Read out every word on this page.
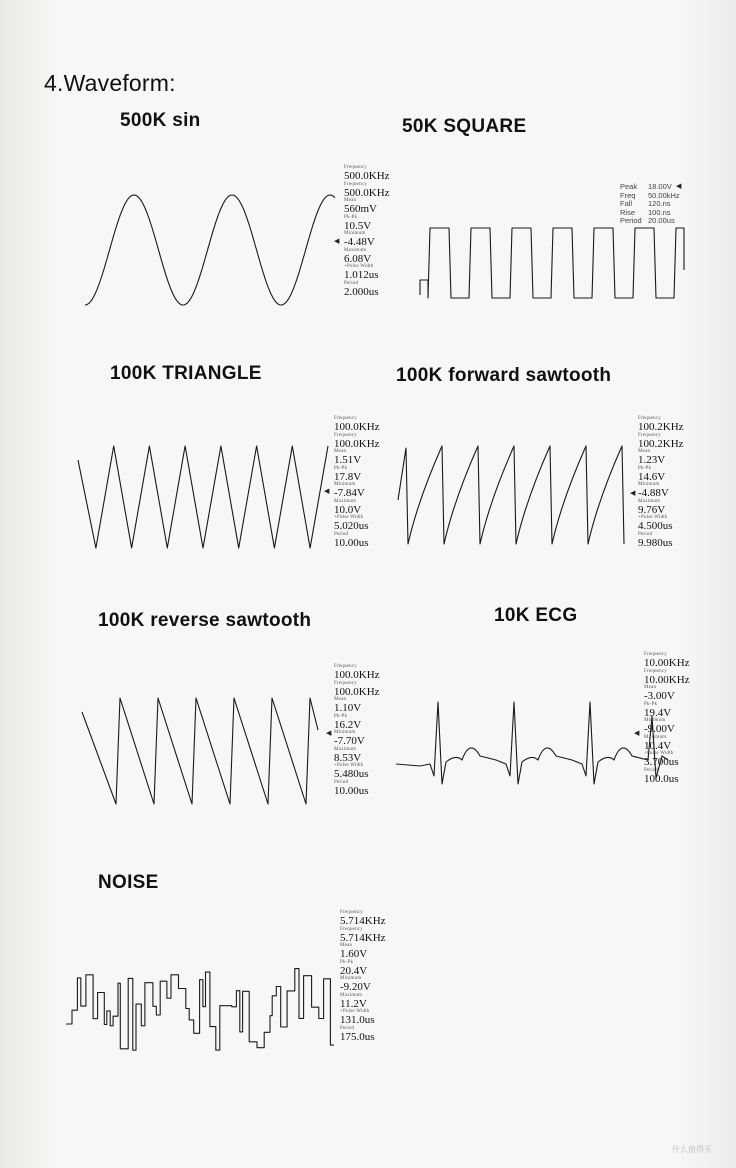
4.Waveform:
500K sin
◀
Frequency
500.0KHz
Frequency
500.0KHz
Mean
560mV
Pk-Pk
10.5V
Minimum
-4.48V
Maximum
6.08V
+Pulse Width
1.012us
Period
2.000us
50K SQUARE
Peak 18.00V
Freq 50.00kHz
Fall 120.ns
Rise 100.ns
Period 20.00us
◀
100K TRIANGLE
◀
Frequency
100.0KHz
Frequency
100.0KHz
Mean
1.51V
Pk-Pk
17.8V
Minimum
-7.84V
Maximum
10.0V
+Pulse Width
5.020us
Period
10.00us
100K forward sawtooth
◀
Frequency
100.2KHz
Frequency
100.2KHz
Mean
1.23V
Pk-Pk
14.6V
Minimum
-4.88V
Maximum
9.76V
+Pulse Width
4.500us
Period
9.980us
100K reverse sawtooth
◀
Frequency
100.0KHz
Frequency
100.0KHz
Mean
1.10V
Pk-Pk
16.2V
Minimum
-7.70V
Maximum
8.53V
+Pulse Width
5.480us
Period
10.00us
10K ECG
◀
Frequency
10.00KHz
Frequency
10.00KHz
Mean
-3.00V
Pk-Pk
19.4V
Minimum
-9.00V
Maximum
10.4V
+Pulse Width
3.700us
Period
100.0us
NOISE
Frequency
5.714KHz
Frequency
5.714KHz
Mean
1.60V
Pk-Pk
20.4V
Minimum
-9.20V
Maximum
11.2V
+Pulse Width
131.0us
Period
175.0us
什么值得买
